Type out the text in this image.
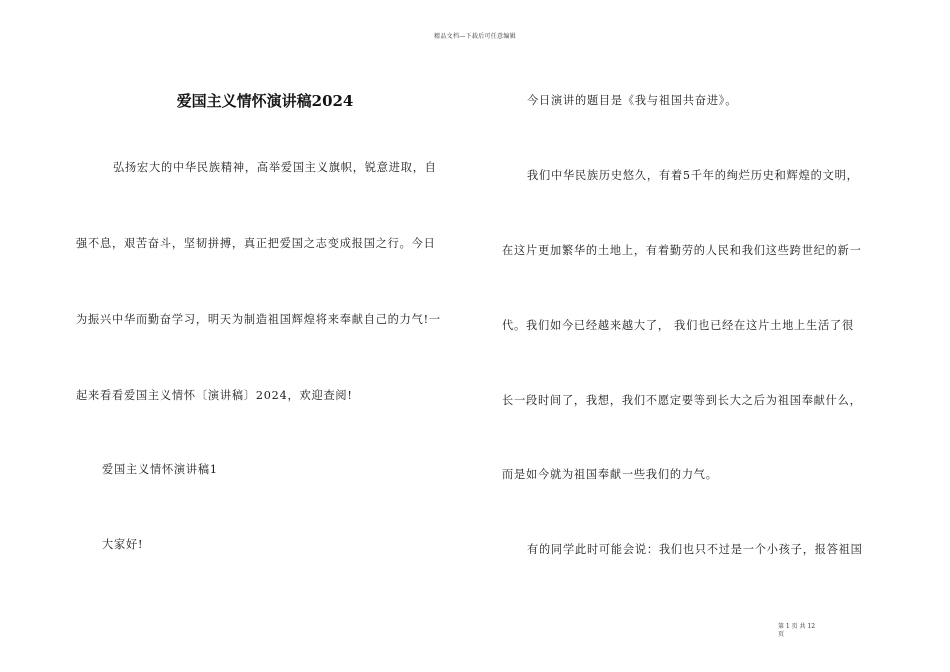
精品文档—下载后可任意编辑
爱国主义情怀演讲稿2024
弘扬宏大的中华民族精神，高举爱国主义旗帜，锐意进取，自
强不息，艰苦奋斗，坚韧拼搏，真正把爱国之志变成报国之行。今日
为振兴中华而勤奋学习，明天为制造祖国辉煌将来奉献自己的力气!一
起来看看爱国主义情怀〔演讲稿〕2024，欢迎查阅!
爱国主义情怀演讲稿1
大家好!
今日演讲的题目是《我与祖国共奋进》。
我们中华民族历史悠久，有着5千年的绚烂历史和辉煌的文明，
在这片更加繁华的土地上，有着勤劳的人民和我们这些跨世纪的新一
代。我们如今已经越来越大了， 我们也已经在这片土地上生活了很
长一段时间了，我想，我们不愿定要等到长大之后为祖国奉献什么，
而是如今就为祖国奉献一些我们的力气。
有的同学此时可能会说：我们也只不过是一个小孩子，报答祖国
第 1 页 共 12
页
